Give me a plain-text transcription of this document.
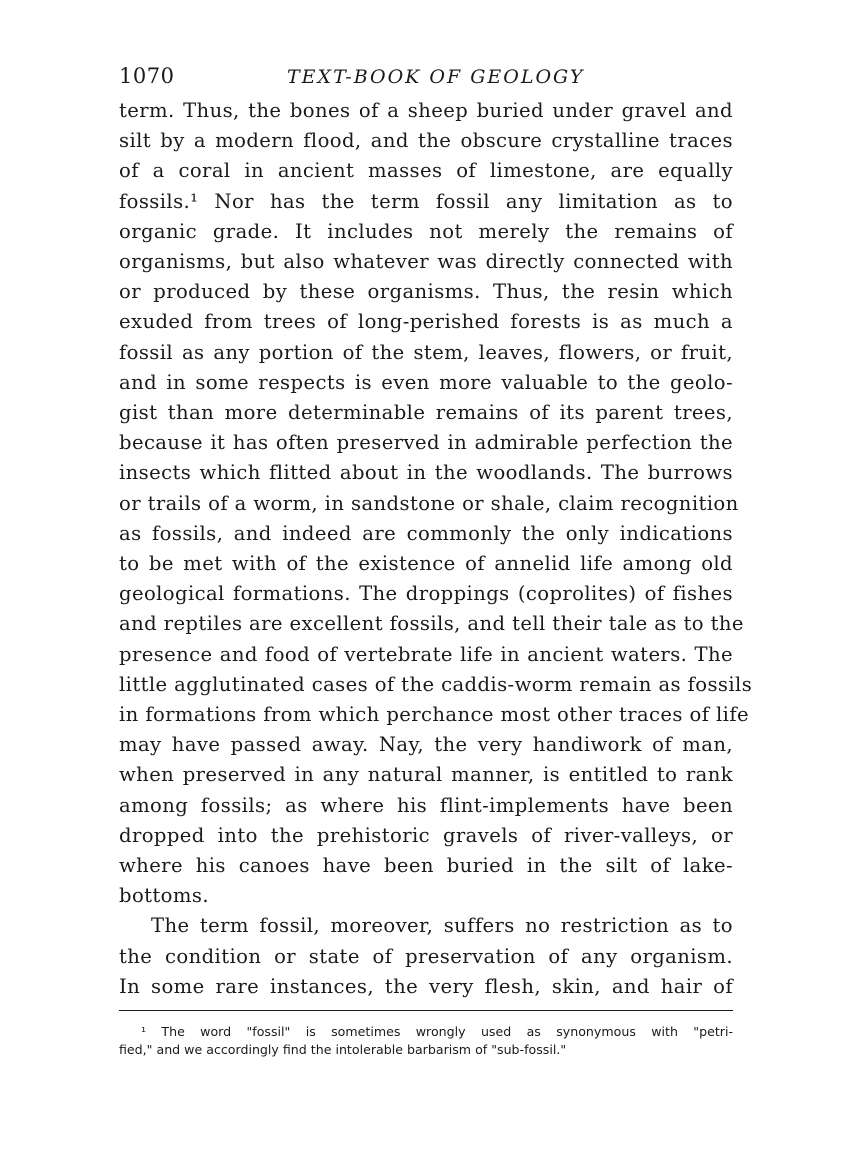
1070	TEXT-BOOK OF GEOLOGY
term. Thus, the bones of a sheep buried under gravel and
silt by a modern flood, and the obscure crystalline traces
of a coral in ancient masses of limestone, are equally
fossils.¹ Nor has the term fossil any limitation as to
organic grade. It includes not merely the remains of
organisms, but also whatever was directly connected with
or produced by these organisms. Thus, the resin which
exuded from trees of long-perished forests is as much a
fossil as any portion of the stem, leaves, flowers, or fruit,
and in some respects is even more valuable to the geolo-
gist than more determinable remains of its parent trees,
because it has often preserved in admirable perfection the
insects which flitted about in the woodlands. The burrows
or trails of a worm, in sandstone or shale, claim recognition
as fossils, and indeed are commonly the only indications
to be met with of the existence of annelid life among old
geological formations. The droppings (coprolites) of fishes
and reptiles are excellent fossils, and tell their tale as to the
presence and food of vertebrate life in ancient waters. The
little agglutinated cases of the caddis-worm remain as fossils
in formations from which perchance most other traces of life
may have passed away. Nay, the very handiwork of man,
when preserved in any natural manner, is entitled to rank
among fossils; as where his flint-implements have been
dropped into the prehistoric gravels of river-valleys, or
where his canoes have been buried in the silt of lake-
bottoms.
The term fossil, moreover, suffers no restriction as to
the condition or state of preservation of any organism.
In some rare instances, the very flesh, skin, and hair of
¹ The word "fossil" is sometimes wrongly used as synonymous with "petri-
fied," and we accordingly find the intolerable barbarism of "sub-fossil."
